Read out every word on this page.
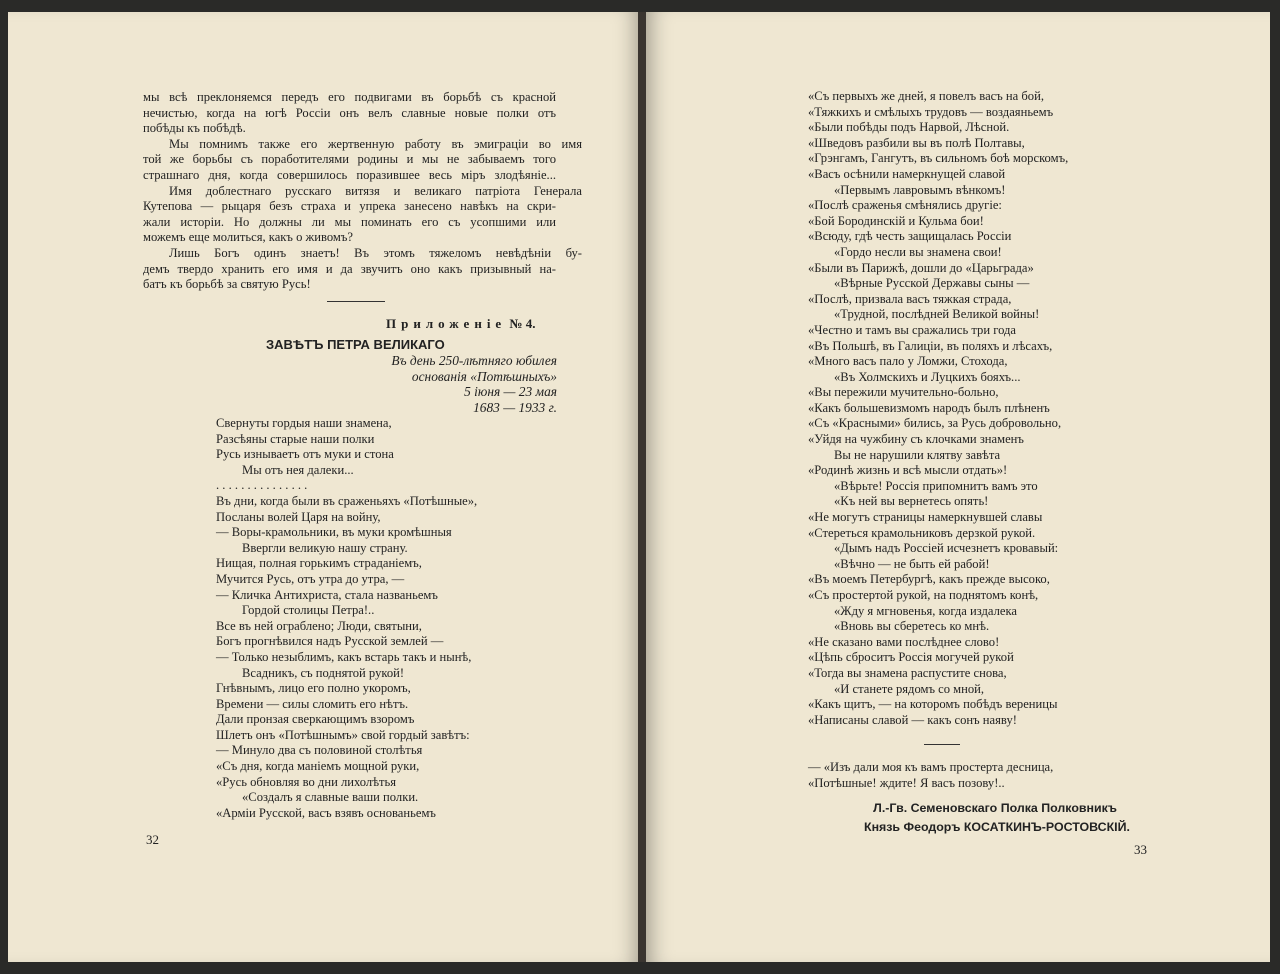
мы всѣ преклоняемся передъ его подвигами въ борьбѣ съ красной
нечистью, когда на югѣ Россіи онъ велъ славные новые полки отъ
побѣды къ побѣдѣ.
Мы помнимъ также его жертвенную работу въ эмиграціи во имя
той же борьбы съ поработителями родины и мы не забываемъ того
страшнаго дня, когда совершилось поразившее весь міръ злодѣяніе...
Имя доблестнаго русскаго витязя и великаго патріота Генерала
Кутепова — рыцаря безъ страха и упрека занесено навѣкъ на скри-
жали исторіи. Но должны ли мы поминать его съ усопшими или
можемъ еще молиться, какъ о живомъ?
Лишь Богъ одинъ знаетъ! Въ этомъ тяжеломъ невѣдѣніи бу-
демъ твердо хранить его имя и да звучитъ оно какъ призывный на-
батъ къ борьбѣ за святую Русь!
Приложеніе № 4.
ЗАВѢТЪ ПЕТРА ВЕЛИКАГО
Въ день 250-лѣтняго юбилея
основанія «Потѣшныхъ»
5 іюня — 23 мая
1683 — 1933 г.
Свернуты гордыя наши знамена,
Разсѣяны старые наши полки
Русь изнываетъ отъ муки и стона
Мы отъ нея далеки...
. . . . . . . . . . . . . . .
Въ дни, когда были въ сраженьяхъ «Потѣшные»,
Посланы волей Царя на войну,
— Воры-крамольники, въ муки кромѣшныя
Ввергли великую нашу страну.
Нищая, полная горькимъ страданіемъ,
Мучится Русь, отъ утра до утра, —
— Кличка Антихриста, стала названьемъ
Гордой столицы Петра!..
Все въ ней ограблено; Люди, святыни,
Богъ прогнѣвился надъ Русской землей —
— Только незыблимъ, какъ встарь такъ и нынѣ,
Всадникъ, съ поднятой рукой!
Гнѣвнымъ, лицо его полно укоромъ,
Времени — силы сломить его нѣтъ.
Дали пронзая сверкающимъ взоромъ
Шлетъ онъ «Потѣшнымъ» свой гордый завѣтъ:
— Минуло два съ половиной столѣтья
«Съ дня, когда маніемъ мощной руки,
«Русь обновляя во дни лихолѣтья
«Создалъ я славные ваши полки.
«Арміи Русской, васъ взявъ основаньемъ
32
«Съ первыхъ же дней, я повелъ васъ на бой,
«Тяжкихъ и смѣлыхъ трудовъ — воздаяньемъ
«Были побѣды подъ Нарвой, Лѣсной.
«Шведовъ разбили вы въ полѣ Полтавы,
«Грэнгамъ, Гангутъ, въ сильномъ боѣ морскомъ,
«Васъ осѣнили намеркнущей славой
«Первымъ лавровымъ вѣнкомъ!
«Послѣ сраженья смѣнялись другіе:
«Бой Бородинскій и Кульма бои!
«Всюду, гдѣ честь защищалась Россіи
«Гордо несли вы знамена свои!
«Были въ Парижѣ, дошли до «Царьграда»
«Вѣрные Русской Державы сыны —
«Послѣ, призвала васъ тяжкая страда,
«Трудной, послѣдней Великой войны!
«Честно и тамъ вы сражались три года
«Въ Польшѣ, въ Галиціи, въ поляхъ и лѣсахъ,
«Много васъ пало у Ломжи, Стохода,
«Въ Холмскихъ и Луцкихъ бояхъ...
«Вы пережили мучительно-больно,
«Какъ большевизмомъ народъ былъ плѣненъ
«Съ «Красными» бились, за Русь добровольно,
«Уйдя на чужбину съ клочками знаменъ
Вы не нарушили клятву завѣта
«Родинѣ жизнь и всѣ мысли отдать»!
«Вѣрьте! Россія припомнитъ вамъ это
«Къ ней вы вернетесь опять!
«Не могутъ страницы намеркнувшей славы
«Стереться крамольниковъ дерзкой рукой.
«Дымъ надъ Россіей исчезнетъ кровавый:
«Вѣчно — не быть ей рабой!
«Въ моемъ Петербургѣ, какъ прежде высоко,
«Съ простертой рукой, на поднятомъ конѣ,
«Жду я мгновенья, когда издалека
«Вновь вы сберетесь ко мнѣ.
«Не сказано вами послѣднее слово!
«Цѣпь сброситъ Россія могучей рукой
«Тогда вы знамена распустите снова,
«И станете рядомъ со мной,
«Какъ щитъ, — на которомъ побѣдъ вереницы
«Написаны славой — какъ сонъ наяву!
— «Изъ дали моя къ вамъ простерта десница,
«Потѣшные! ждите! Я васъ позову!..
Л.-Гв. Семеновскаго Полка Полковникъ
Князь Феодоръ КОСАТКИНЪ-РОСТОВСКІЙ.
33
